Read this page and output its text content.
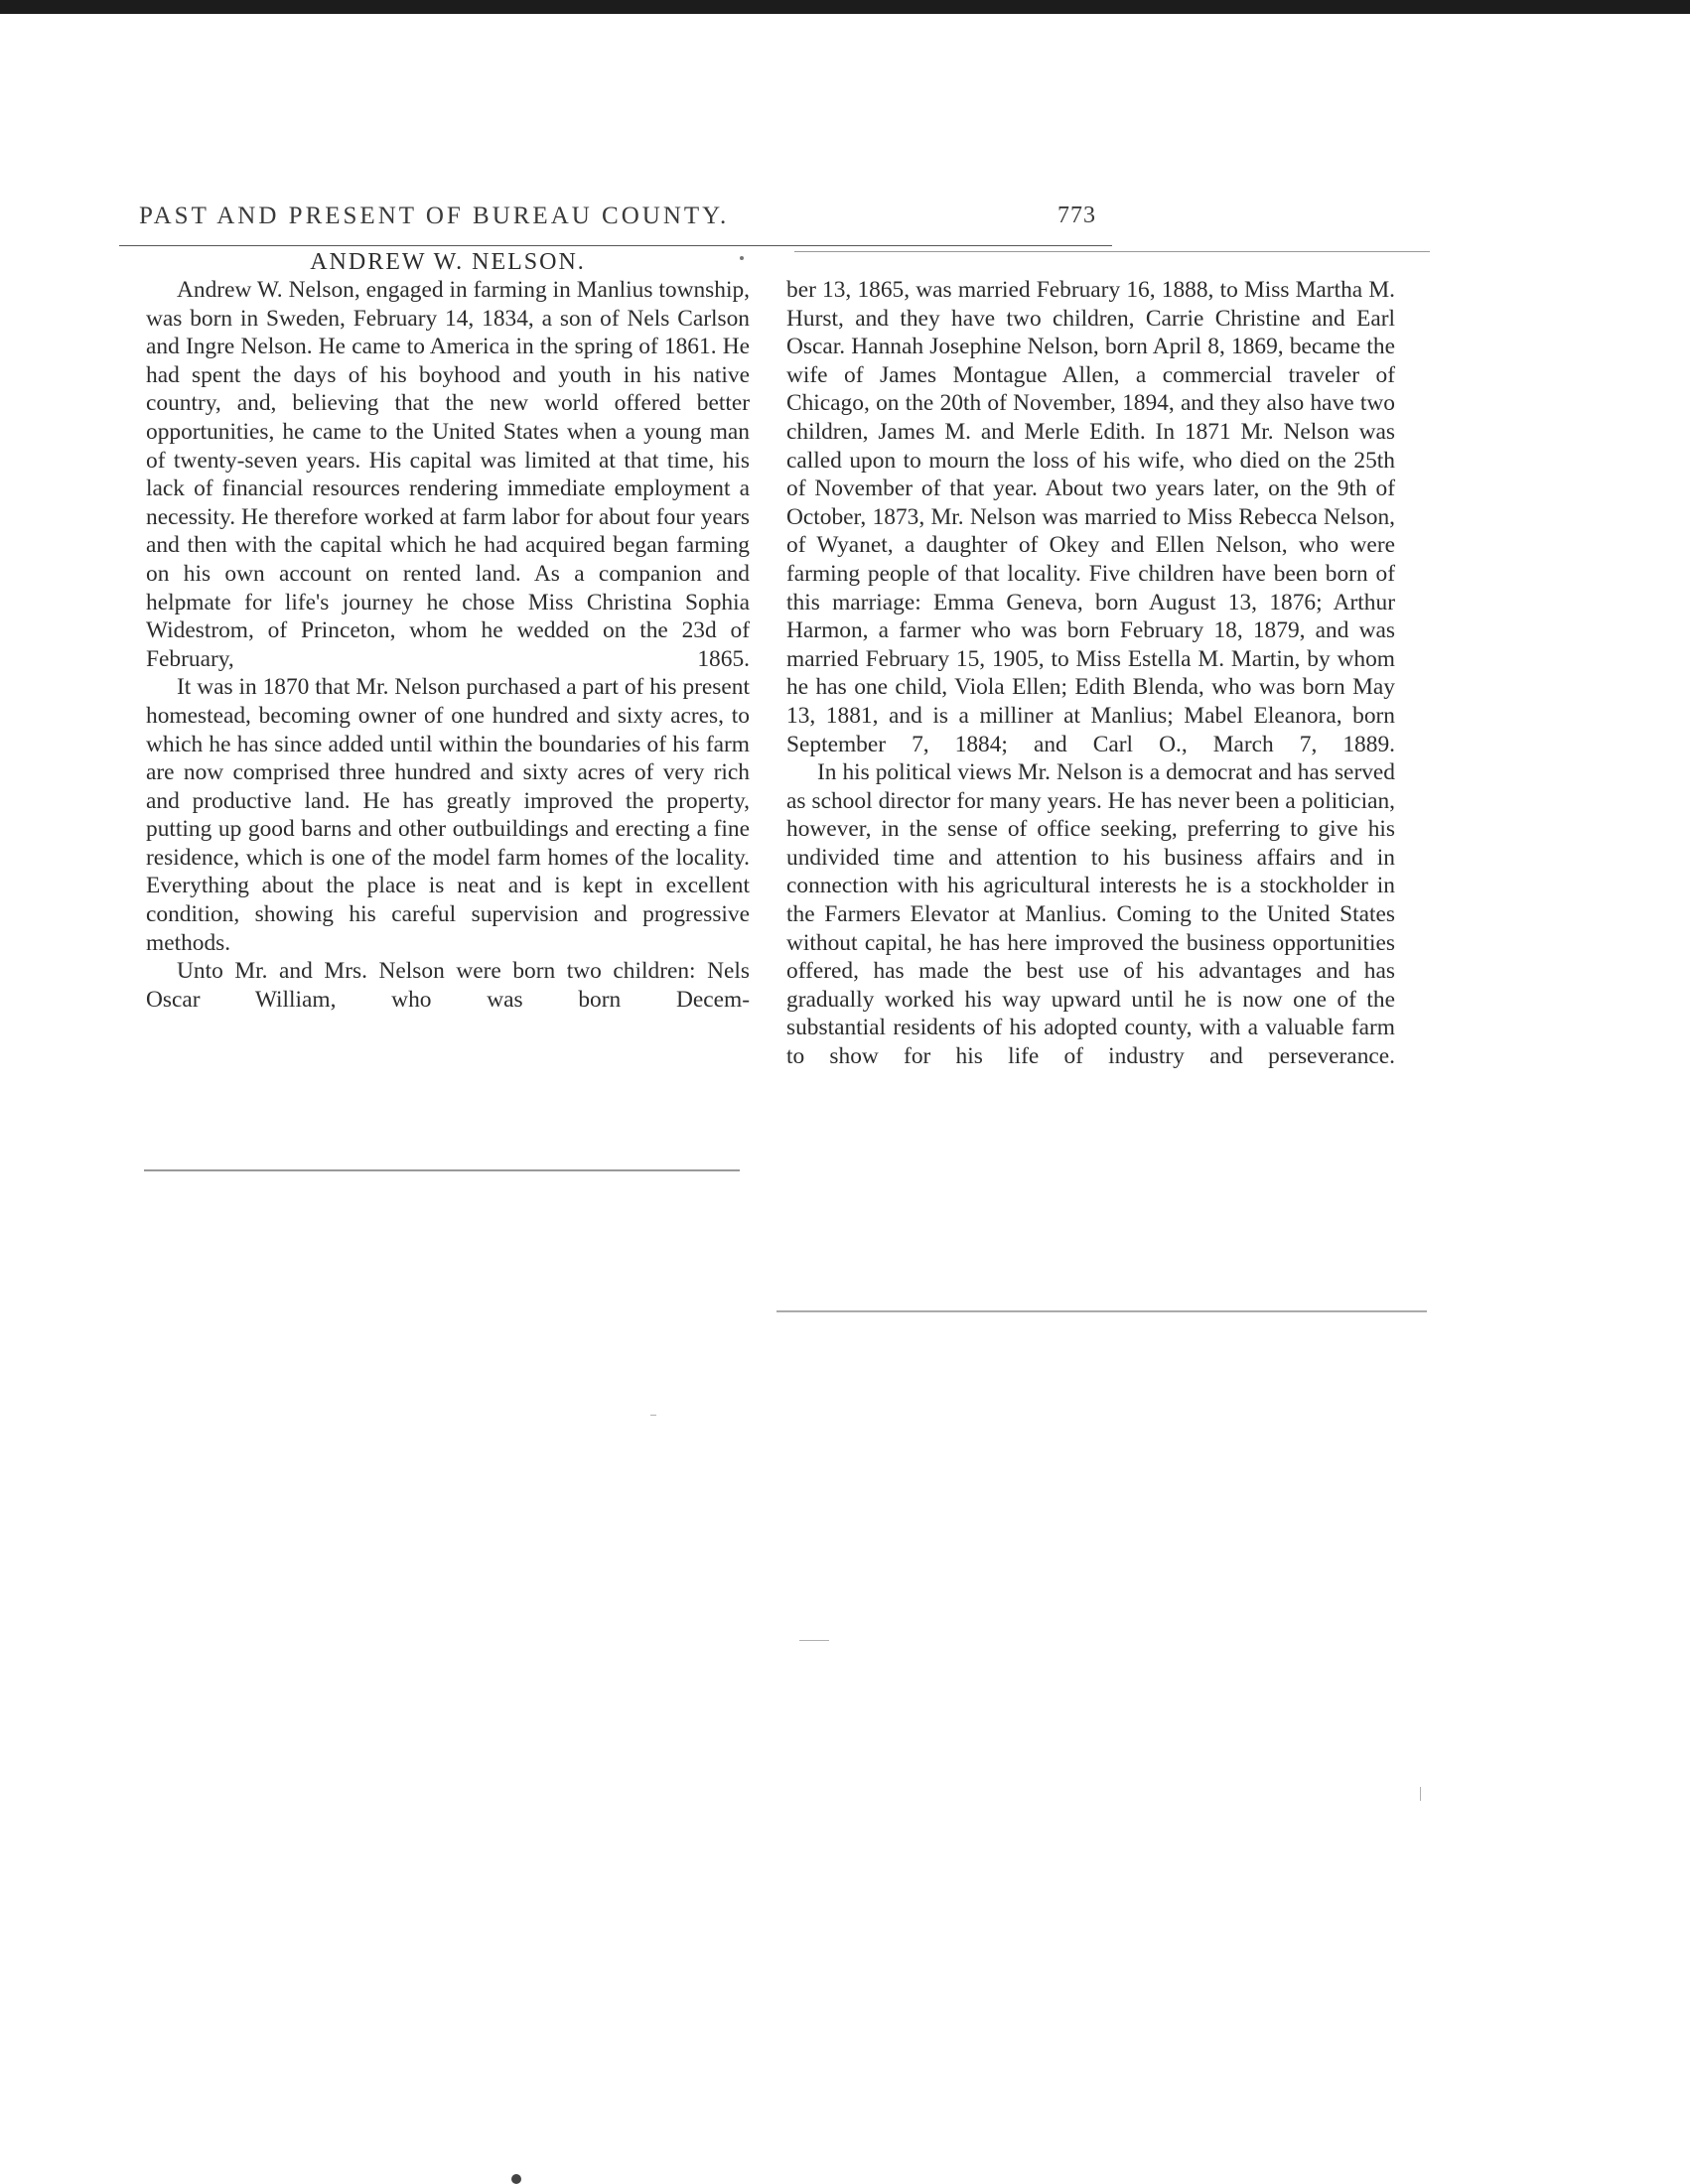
PAST AND PRESENT OF BUREAU COUNTY.	773

ANDREW W. NELSON.

Andrew W. Nelson, engaged in farming in Manlius township, was born in Sweden, February 14, 1834, a son of Nels Carlson and Ingre Nelson. He came to America in the spring of 1861. He had spent the days of his boyhood and youth in his native country, and, believing that the new world offered better opportunities, he came to the United States when a young man of twenty-seven years. His capital was limited at that time, his lack of financial resources rendering immediate employment a necessity. He therefore worked at farm labor for about four years and then with the capital which he had acquired began farming on his own account on rented land. As a companion and helpmate for life's journey he chose Miss Christina Sophia Widestrom, of Princeton, whom he wedded on the 23d of February, 1865.

It was in 1870 that Mr. Nelson purchased a part of his present homestead, becoming owner of one hundred and sixty acres, to which he has since added until within the boundaries of his farm are now comprised three hundred and sixty acres of very rich and productive land. He has greatly improved the property, putting up good barns and other outbuildings and erecting a fine residence, which is one of the model farm homes of the locality. Everything about the place is neat and is kept in excellent condition, showing his careful supervision and progressive methods.

Unto Mr. and Mrs. Nelson were born two children: Nels Oscar William, who was born Decem-

ber 13, 1865, was married February 16, 1888, to Miss Martha M. Hurst, and they have two children, Carrie Christine and Earl Oscar. Hannah Josephine Nelson, born April 8, 1869, became the wife of James Montague Allen, a commercial traveler of Chicago, on the 20th of November, 1894, and they also have two children, James M. and Merle Edith. In 1871 Mr. Nelson was called upon to mourn the loss of his wife, who died on the 25th of November of that year. About two years later, on the 9th of October, 1873, Mr. Nelson was married to Miss Rebecca Nelson, of Wyanet, a daughter of Okey and Ellen Nelson, who were farming people of that locality. Five children have been born of this marriage: Emma Geneva, born August 13, 1876; Arthur Harmon, a farmer who was born February 18, 1879, and was married February 15, 1905, to Miss Estella M. Martin, by whom he has one child, Viola Ellen; Edith Blenda, who was born May 13, 1881, and is a milliner at Manlius; Mabel Eleanora, born September 7, 1884; and Carl O., March 7, 1889.

In his political views Mr. Nelson is a democrat and has served as school director for many years. He has never been a politician, however, in the sense of office seeking, preferring to give his undivided time and attention to his business affairs and in connection with his agricultural interests he is a stockholder in the Farmers Elevator at Manlius. Coming to the United States without capital, he has here improved the business opportunities offered, has made the best use of his advantages and has gradually worked his way upward until he is now one of the substantial residents of his adopted county, with a valuable farm to show for his life of industry and perseverance.
